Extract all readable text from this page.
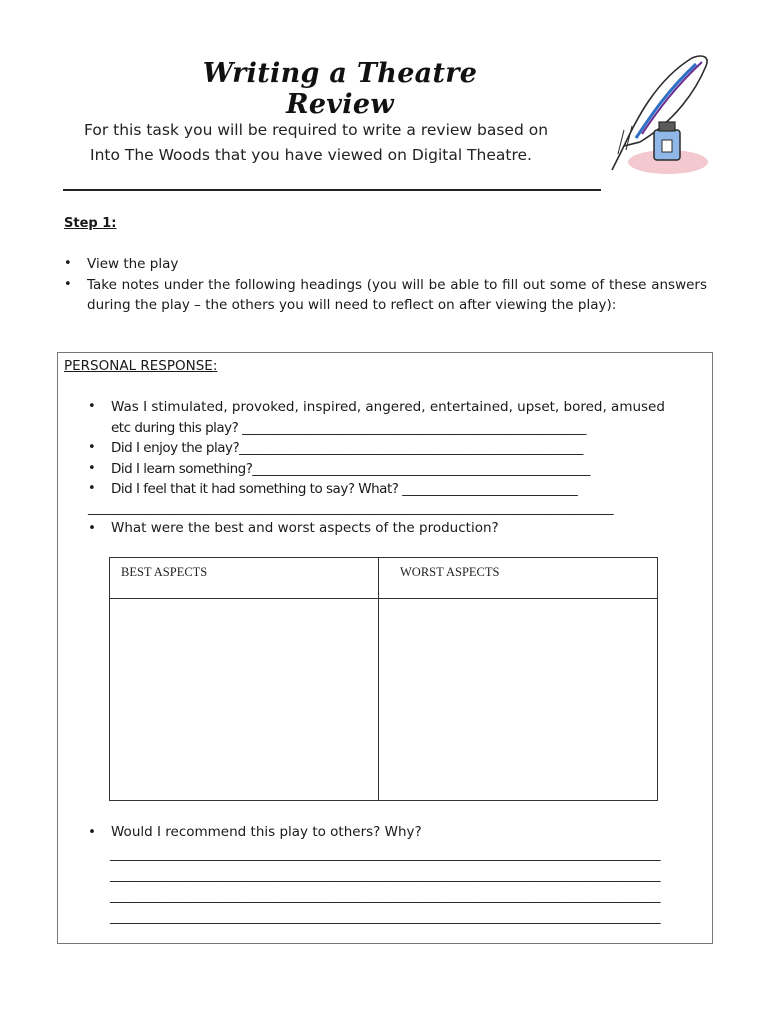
Writing a Theatre Review
For this task you will be required to write a review based on
Into The Woods that you have viewed on Digital Theatre.
Step 1:
• View the play
• Take notes under the following headings (you will be able to fill out some of these answers during the play – the others you will need to reflect on after viewing the play):
PERSONAL RESPONSE:
• Was I stimulated, provoked, inspired, angered, entertained, upset, bored, amused
etc during this play? _______________________________________________________
• Did I enjoy the play?_______________________________________________________
• Did I learn something?______________________________________________________
• Did I feel that it had something to say? What? ____________________________
____________________________________________________________________________________
• What were the best and worst aspects of the production?
BEST ASPECTS	WORST ASPECTS
• Would I recommend this play to others? Why?
________________________________________________________________________________________
________________________________________________________________________________________
________________________________________________________________________________________
________________________________________________________________________________________
